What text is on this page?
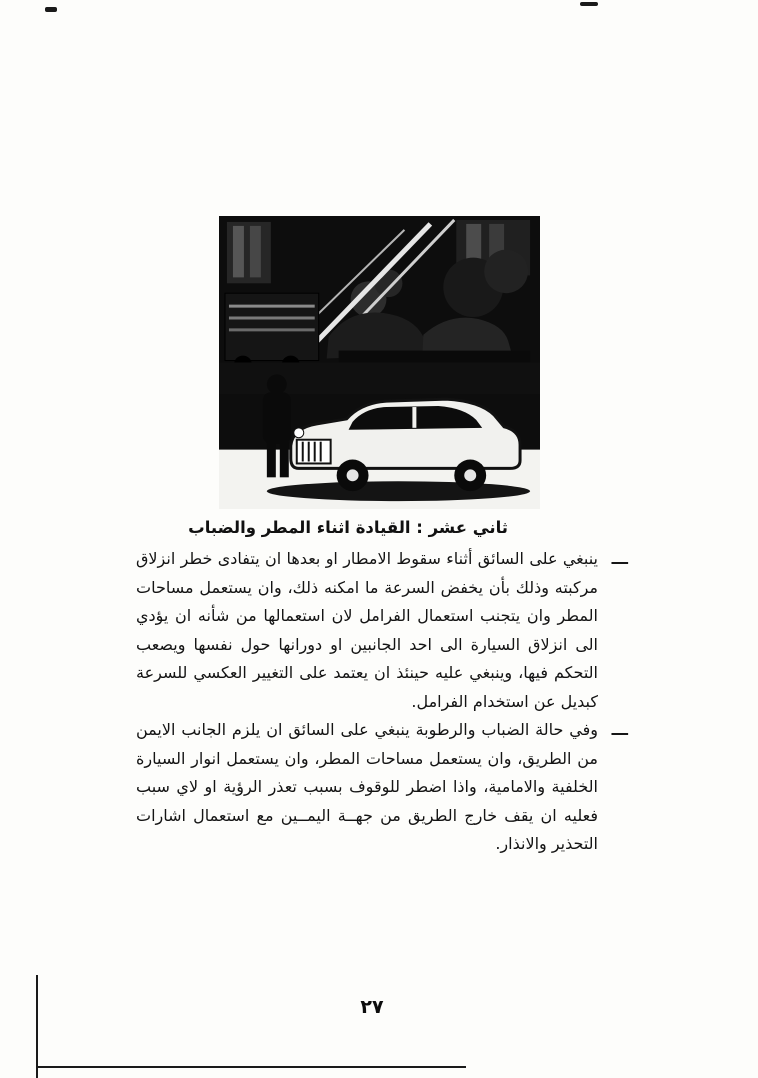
ثاني عشر : القيادة اثناء المطر والضباب
ـــ
ينبغي على السائق أثناء سقوط الامطار او بعدها ان يتفادى خطر انزلاق مركبته وذلك بأن يخفض السرعة ما امكنه ذلك، وان يستعمل مساحات المطر وان يتجنب استعمال الفرامل لان استعمالها من شأنه ان يؤدي الى انزلاق السيارة الى احد الجانبين او دورانها حول نفسها ويصعب التحكم فيها، وينبغي عليه حينئذ ان يعتمد على التغيير العكسي للسرعة كبديل عن استخدام الفرامل.
ـــ
وفي حالة الضباب والرطوبة ينبغي على السائق ان يلزم الجانب الايمن من الطريق، وان يستعمل مساحات المطر، وان يستعمل انوار السيارة الخلفية والامامية، واذا اضطر للوقوف بسبب تعذر الرؤية او لاي سبب فعليه ان يقف خارج الطريق من جهــة اليمــين مع استعمال اشارات التحذير والانذار.
٢٧
